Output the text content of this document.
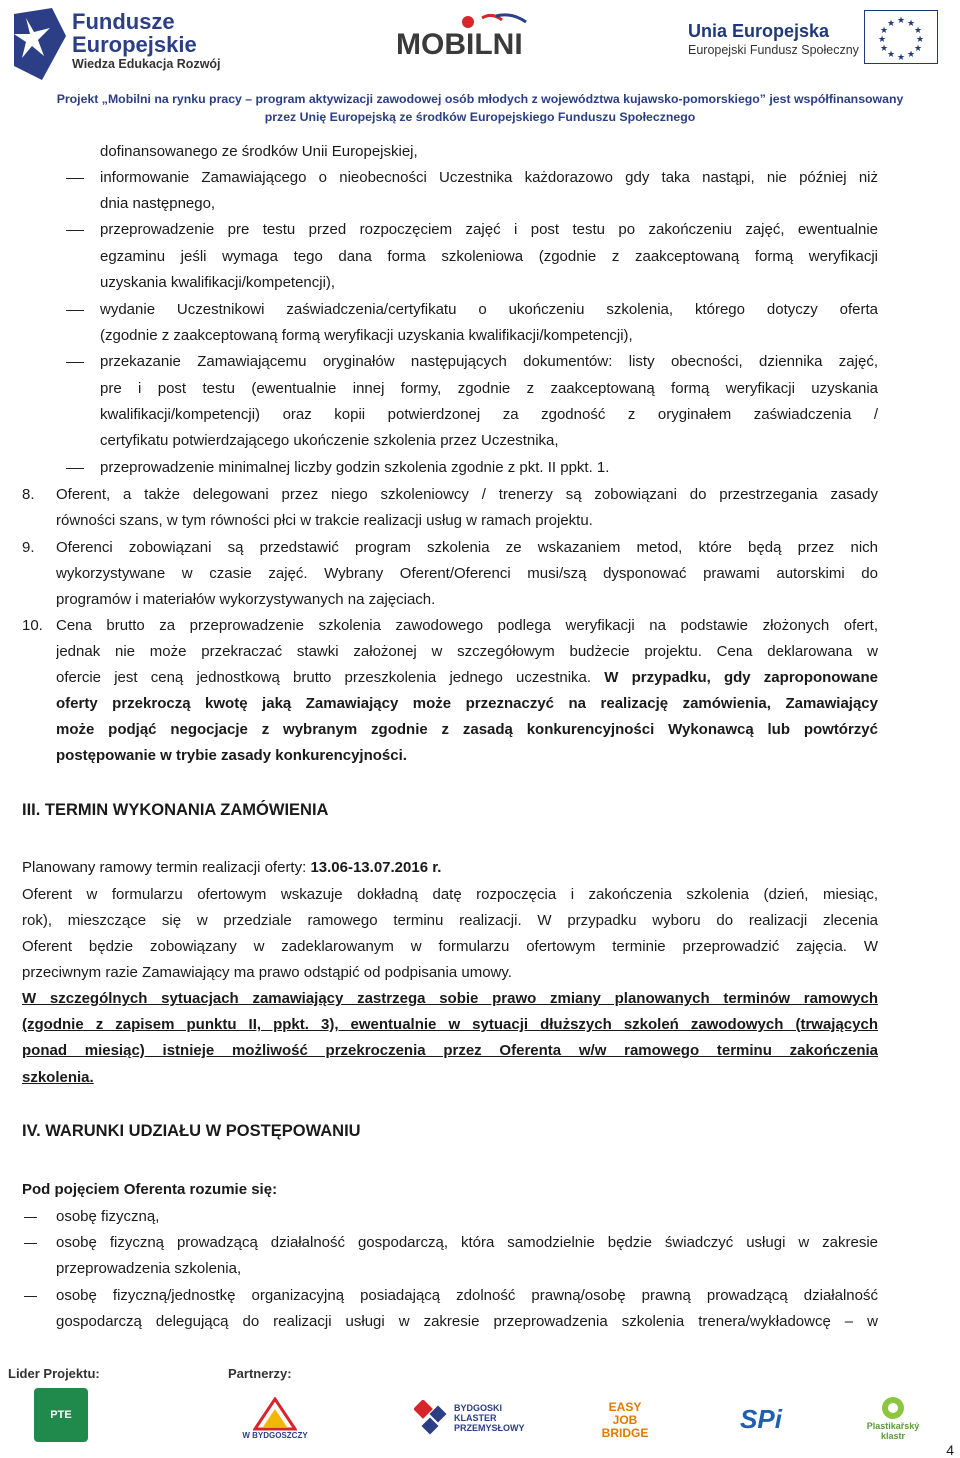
Fundusze
Europejskie
Wiedza Edukacja Rozwój
MOBILNI	Unia Europejska
Europejski Fundusz Społeczny
★ ★
★
★
★
★
★
★
★
★
★
★
Projekt „Mobilni na rynku pracy – program aktywizacji zawodowej osób młodych z województwa kujawsko-pomorskiego” jest współfinansowany
przez Unię Europejską ze środków Europejskiego Funduszu Społecznego
dofinansowanego ze środków Unii Europejskiej,
informowanie Zamawiającego o nieobecności Uczestnika każdorazowo gdy taka nastąpi, nie później niż
dnia następnego,
przeprowadzenie pre testu przed rozpoczęciem zajęć i post testu po zakończeniu zajęć, ewentualnie
egzaminu jeśli wymaga tego dana forma szkoleniowa (zgodnie z zaakceptowaną formą weryfikacji
uzyskania kwalifikacji/kompetencji),
wydanie Uczestnikowi zaświadczenia/certyfikatu o ukończeniu szkolenia, którego dotyczy oferta
(zgodnie z zaakceptowaną formą weryfikacji uzyskania kwalifikacji/kompetencji),
przekazanie Zamawiającemu oryginałów następujących dokumentów: listy obecności, dziennika zajęć,
pre i post testu (ewentualnie innej formy, zgodnie z zaakceptowaną formą weryfikacji uzyskania
kwalifikacji/kompetencji) oraz kopii potwierdzonej za zgodność z oryginałem zaświadczenia /
certyfikatu potwierdzającego ukończenie szkolenia przez Uczestnika,
przeprowadzenie minimalnej liczby godzin szkolenia zgodnie z pkt. II ppkt. 1.
8.	Oferent, a także delegowani przez niego szkoleniowcy / trenerzy są zobowiązani do przestrzegania zasady
równości szans, w tym równości płci w trakcie realizacji usług w ramach projektu.
9.	Oferenci zobowiązani są przedstawić program szkolenia ze wskazaniem metod, które będą przez nich
wykorzystywane w czasie zajęć. Wybrany Oferent/Oferenci musi/szą dysponować prawami autorskimi do
programów i materiałów wykorzystywanych na zajęciach.
10. Cena brutto za przeprowadzenie szkolenia zawodowego podlega weryfikacji na podstawie złożonych ofert,
jednak nie może przekraczać stawki założonej w szczegółowym budżecie projektu. Cena deklarowana w
ofercie jest ceną jednostkową brutto przeszkolenia jednego uczestnika. W przypadku, gdy zaproponowane
oferty przekroczą kwotę jaką Zamawiający może przeznaczyć na realizację zamówienia, Zamawiający
może podjąć negocjacje z wybranym zgodnie z zasadą konkurencyjności Wykonawcą lub powtórzyć
postępowanie w trybie zasady konkurencyjności.
III. TERMIN WYKONANIA ZAMÓWIENIA
Planowany ramowy termin realizacji oferty: 13.06-13.07.2016 r.
Oferent w formularzu ofertowym wskazuje dokładną datę rozpoczęcia i zakończenia szkolenia (dzień, miesiąc,
rok), mieszczące się w przedziale ramowego terminu realizacji. W przypadku wyboru do realizacji zlecenia
Oferent będzie zobowiązany w zadeklarowanym w formularzu ofertowym terminie przeprowadzić zajęcia. W
przeciwnym razie Zamawiający ma prawo odstąpić od podpisania umowy.
W szczególnych sytuacjach zamawiający zastrzega sobie prawo zmiany planowanych terminów ramowych
(zgodnie z zapisem punktu II, ppkt. 3), ewentualnie w sytuacji dłuższych szkoleń zawodowych (trwających
ponad miesiąc) istnieje możliwość przekroczenia przez Oferenta w/w ramowego terminu zakończenia
szkolenia.
IV. WARUNKI UDZIAŁU W POSTĘPOWANIU
Pod pojęciem Oferenta rozumie się:
osobę fizyczną,
osobę fizyczną prowadzącą działalność gospodarczą, która samodzielnie będzie świadczyć usługi w zakresie
przeprowadzenia szkolenia,
osobę fizyczną/jednostkę organizacyjną posiadającą zdolność prawną/osobę prawną prowadzącą działalność
gospodarczą delegującą do realizacji usługi w zakresie przeprowadzenia szkolenia trenera/wykładowcę – w
Lider Projektu:	Partnerzy:
PTE
W BYDGOSZCZY
BYDGOSKI KLASTER PRZEMYSŁOWY
EASY JOB BRIDGE	SPi	Plastikařský klastr
4
